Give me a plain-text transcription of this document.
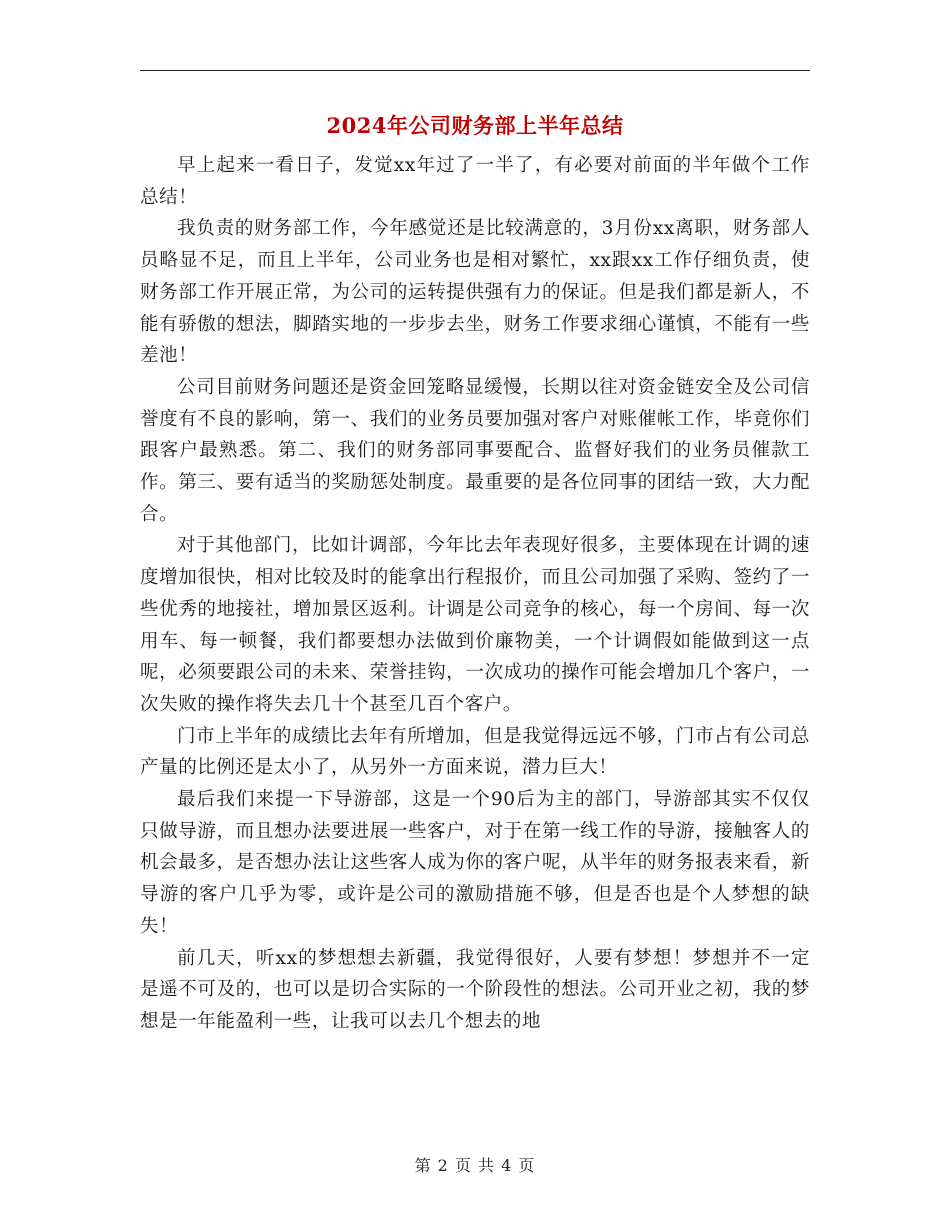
2024年公司财务部上半年总结

早上起来一看日子，发觉xx年过了一半了，有必要对前面的半年做个工作总结！

我负责的财务部工作，今年感觉还是比较满意的，3月份xx离职，财务部人员略显不足，而且上半年，公司业务也是相对繁忙，xx跟xx工作仔细负责，使财务部工作开展正常，为公司的运转提供强有力的保证。但是我们都是新人，不能有骄傲的想法，脚踏实地的一步步去坐，财务工作要求细心谨慎，不能有一些差池！

公司目前财务问题还是资金回笼略显缓慢，长期以往对资金链安全及公司信誉度有不良的影响，第一、我们的业务员要加强对客户对账催帐工作，毕竟你们跟客户最熟悉。第二、我们的财务部同事要配合、监督好我们的业务员催款工作。第三、要有适当的奖励惩处制度。最重要的是各位同事的团结一致，大力配合。

对于其他部门，比如计调部，今年比去年表现好很多，主要体现在计调的速度增加很快，相对比较及时的能拿出行程报价，而且公司加强了采购、签约了一些优秀的地接社，增加景区返利。计调是公司竞争的核心，每一个房间、每一次用车、每一顿餐，我们都要想办法做到价廉物美，一个计调假如能做到这一点呢，必须要跟公司的未来、荣誉挂钩，一次成功的操作可能会增加几个客户，一次失败的操作将失去几十个甚至几百个客户。

门市上半年的成绩比去年有所增加，但是我觉得远远不够，门市占有公司总产量的比例还是太小了，从另外一方面来说，潜力巨大！

最后我们来提一下导游部，这是一个90后为主的部门，导游部其实不仅仅只做导游，而且想办法要进展一些客户，对于在第一线工作的导游，接触客人的机会最多，是否想办法让这些客人成为你的客户呢，从半年的财务报表来看，新导游的客户几乎为零，或许是公司的激励措施不够，但是否也是个人梦想的缺失！

前几天，听xx的梦想想去新疆，我觉得很好，人要有梦想！梦想并不一定是遥不可及的，也可以是切合实际的一个阶段性的想法。公司开业之初，我的梦想是一年能盈利一些，让我可以去几个想去的地

第 2 页 共 4 页
